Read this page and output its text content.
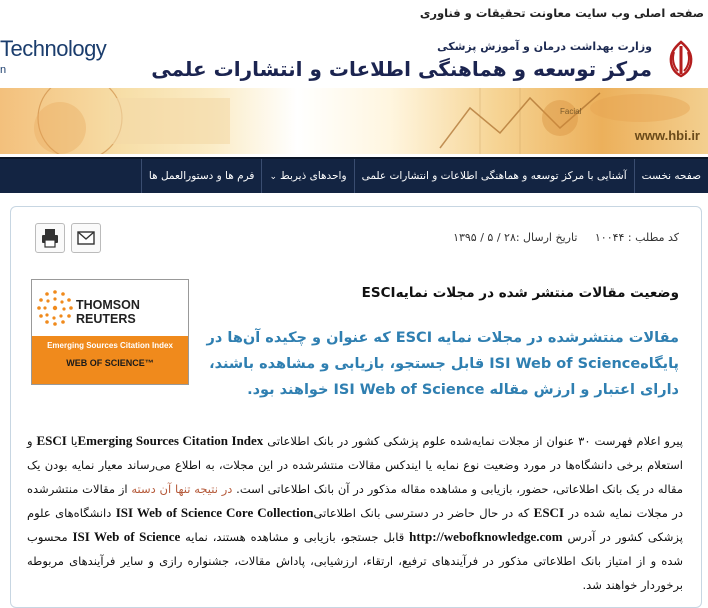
صفحه اصلی وب سایت معاونت تحقیقات و فناوری
Technology
n
وزارت بهداشت درمان و آموزش پزشکی
مرکز توسعه و هماهنگی اطلاعات و انتشارات علمی
Facial
www.hbi.ir
صفحه نخست
آشنایی با مرکز توسعه و هماهنگی اطلاعات و انتشارات علمی
واحدهای ذیربط⌄
فرم ها و دستورالعمل ها
کد مطلب : ۱۰۰۴۴ تاریخ ارسال :۲۸ / ۵ / ۱۳۹۵
وضعیت مقالات منتشر شده در مجلات نمایهESCI
THOMSON REUTERS
Emerging Sources Citation Index
WEB OF SCIENCE™
مقالات منتشرشده در مجلات نمایه ESCI که عنوان و چکیده آن‌ها در پایگاهISI Web of Science قابل جستجو، بازیابی و مشاهده باشند، دارای اعتبار و ارزش مقاله ISI Web of Science خواهند بود.
پیرو اعلام فهرست ۳۰ عنوان از مجلات نمایه‌شده علوم پزشکی کشور در بانک اطلاعاتی Emerging Sources Citation Indexیا ESCI و استعلام برخی دانشگاه‌ها در مورد وضعیت نوع نمایه یا ایندکس مقالات منتشرشده در این مجلات، به اطلاع می‌رساند معیار نمایه بودن یک مقاله در یک بانک اطلاعاتی، حضور، بازیابی و مشاهده مقاله مذکور در آن بانک اطلاعاتی است. در نتیجه تنها آن دسته از مقالات منتشرشده در مجلات نمایه شده در ESCI که در حال حاضر در دسترسی بانک اطلاعاتیISI Web of Science Core Collection دانشگاه‌های علوم پزشکی کشور در آدرس http://webofknowledge.com قابل جستجو، بازیابی و مشاهده هستند، نمایه ISI Web of Science محسوب شده و از امتیاز بانک اطلاعاتی مذکور در فرآیندهای ترفیع، ارتقاء، ارزشیابی، پاداش مقالات، جشنواره رازی و سایر فرآیندهای مربوطه برخوردار خواهند شد.
